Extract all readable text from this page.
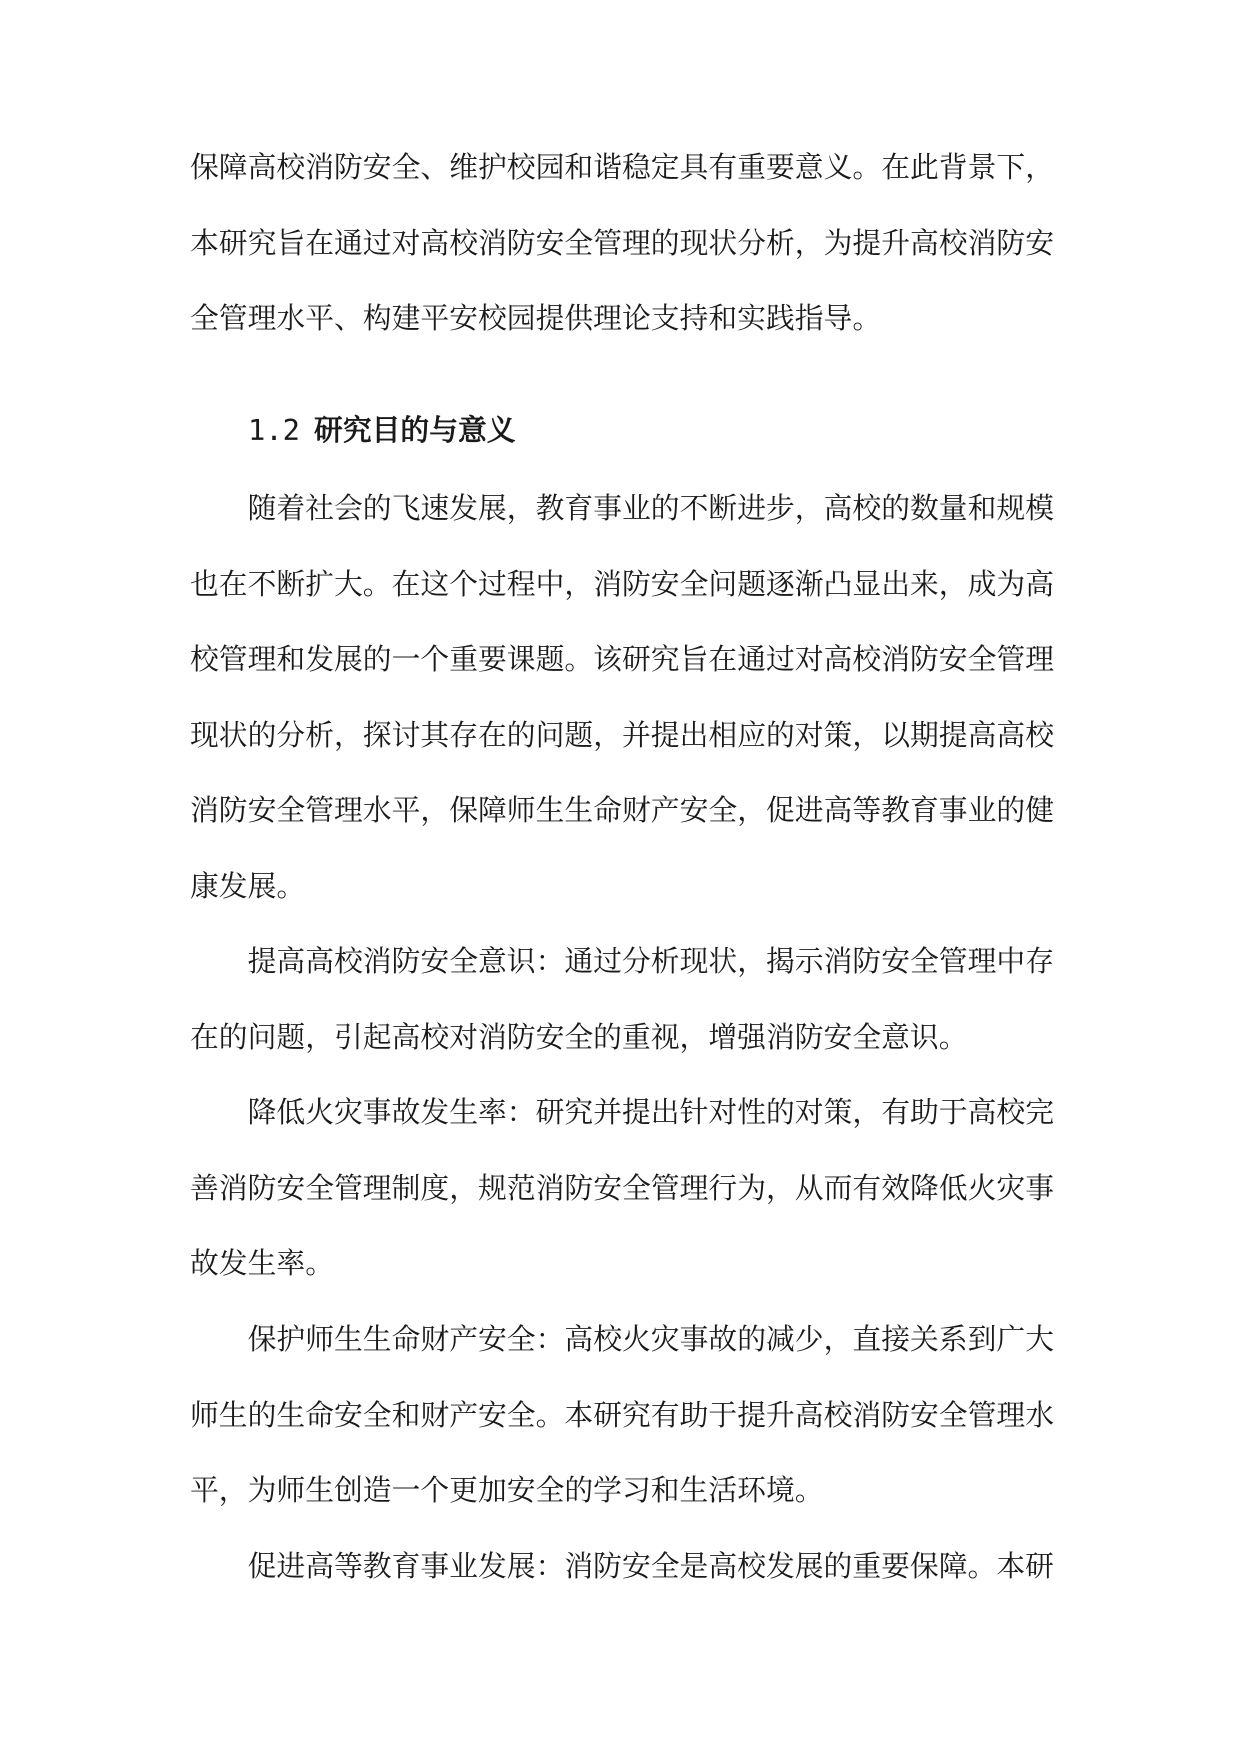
保障高校消防安全、维护校园和谐稳定具有重要意义。在此背景下，本研究旨在通过对高校消防安全管理的现状分析，为提升高校消防安全管理水平、构建平安校园提供理论支持和实践指导。

1.2 研究目的与意义

随着社会的飞速发展，教育事业的不断进步，高校的数量和规模也在不断扩大。在这个过程中，消防安全问题逐渐凸显出来，成为高校管理和发展的一个重要课题。该研究旨在通过对高校消防安全管理现状的分析，探讨其存在的问题，并提出相应的对策，以期提高高校消防安全管理水平，保障师生生命财产安全，促进高等教育事业的健康发展。

提高高校消防安全意识：通过分析现状，揭示消防安全管理中存在的问题，引起高校对消防安全的重视，增强消防安全意识。

降低火灾事故发生率：研究并提出针对性的对策，有助于高校完善消防安全管理制度，规范消防安全管理行为，从而有效降低火灾事故发生率。

保护师生生命财产安全：高校火灾事故的减少，直接关系到广大师生的生命安全和财产安全。本研究有助于提升高校消防安全管理水平，为师生创造一个更加安全的学习和生活环境。

促进高等教育事业发展：消防安全是高校发展的重要保障。本研
